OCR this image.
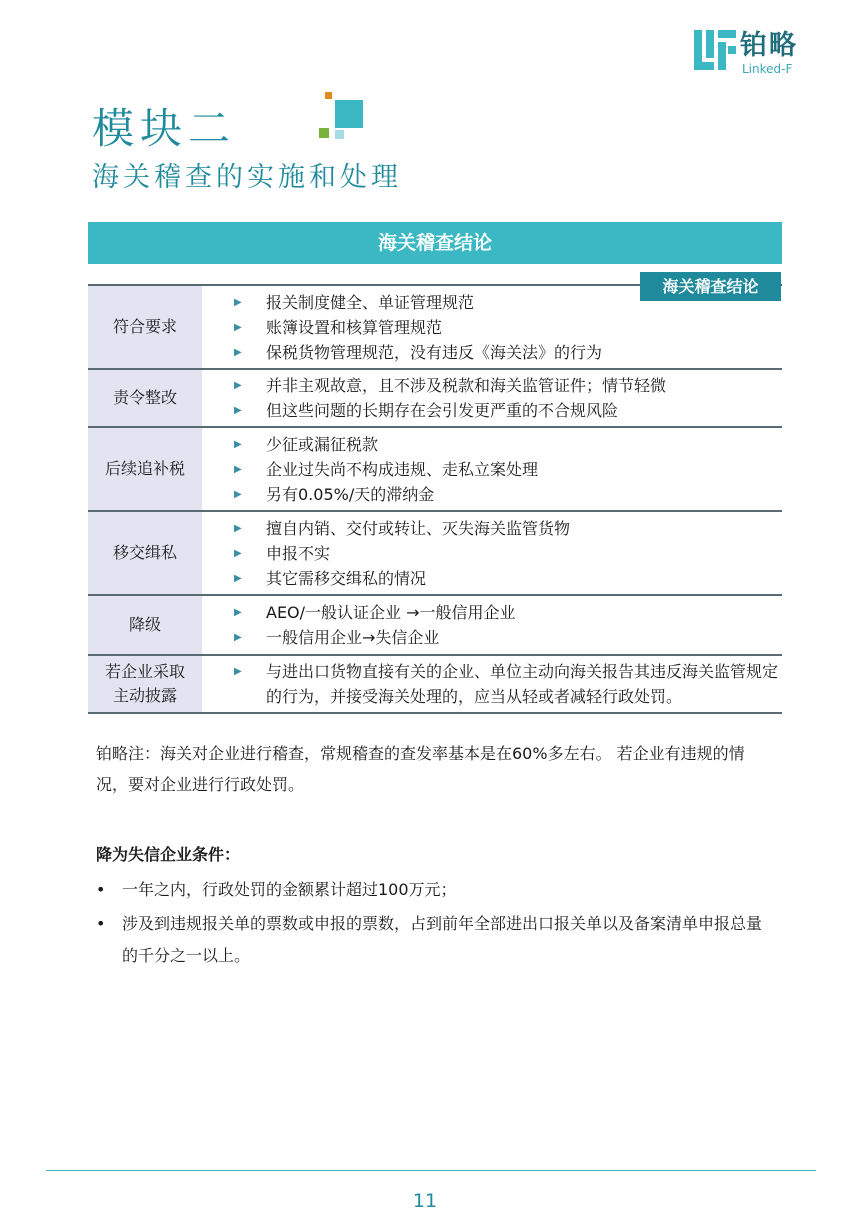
铂略
Linked-F
模块二
海关稽查的实施和处理
海关稽查结论
海关稽查结论
符合要求
▶ 报关制度健全、单证管理规范
▶ 账簿设置和核算管理规范
▶ 保税货物管理规范，没有违反《海关法》的行为
责令整改
▶ 并非主观故意，且不涉及税款和海关监管证件；情节轻微
▶ 但这些问题的长期存在会引发更严重的不合规风险
后续追补税
▶ 少征或漏征税款
▶ 企业过失尚不构成违规、走私立案处理
▶ 另有0.05%/天的滞纳金
移交缉私
▶ 擅自内销、交付或转让、灭失海关监管货物
▶ 申报不实
▶ 其它需移交缉私的情况
降级
▶ AEO/一般认证企业 →一般信用企业
▶ 一般信用企业→失信企业
若企业采取主动披露
▶ 与进出口货物直接有关的企业、单位主动向海关报告其违反海关监管规定的行为，并接受海关处理的，应当从轻或者减轻行政处罚。
铂略注：海关对企业进行稽查，常规稽查的查发率基本是在60%多左右。 若企业有违规的情况，要对企业进行行政处罚。
降为失信企业条件：
• 一年之内，行政处罚的金额累计超过100万元；
• 涉及到违规报关单的票数或申报的票数，占到前年全部进出口报关单以及备案清单申报总量的千分之一以上。
11
